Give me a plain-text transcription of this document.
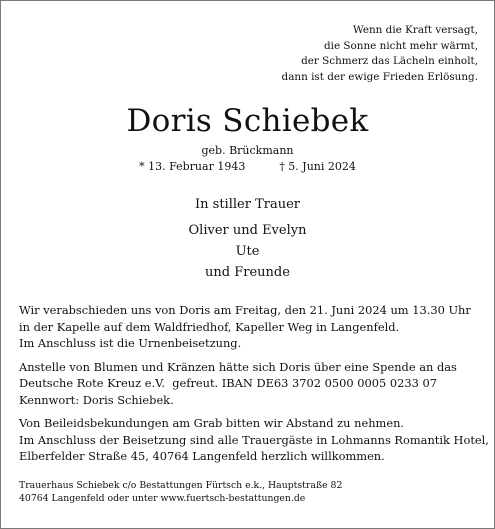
Wenn die Kraft versagt,
die Sonne nicht mehr wärmt,
der Schmerz das Lächeln einholt,
dann ist der ewige Frieden Erlösung.
Doris Schiebek
geb. Brückmann
* 13. Februar 1943	† 5. Juni 2024
In stiller Trauer
Oliver und Evelyn
Ute
und Freunde

Wir verabschieden uns von Doris am Freitag, den 21. Juni 2024 um 13.30 Uhr

in der Kapelle auf dem Waldfriedhof, Kapeller Weg in Langenfeld.

Im Anschluss ist die Urnenbeisetzung.

Anstelle von Blumen und Kränzen hätte sich Doris über eine Spende an das

Deutsche Rote Kreuz e.V.  gefreut. IBAN DE63 3702 0500 0005 0233 07

Kennwort: Doris Schiebek.

Von Beileidsbekundungen am Grab bitten wir Abstand zu nehmen.

Im Anschluss der Beisetzung sind alle Trauergäste in Lohmanns Romantik Hotel,

Elberfelder Straße 45, 40764 Langenfeld herzlich willkommen.

Trauerhaus Schiebek c/o Bestattungen Fürtsch e.k., Hauptstraße 82
40764 Langenfeld oder unter www.fuertsch-bestattungen.de
